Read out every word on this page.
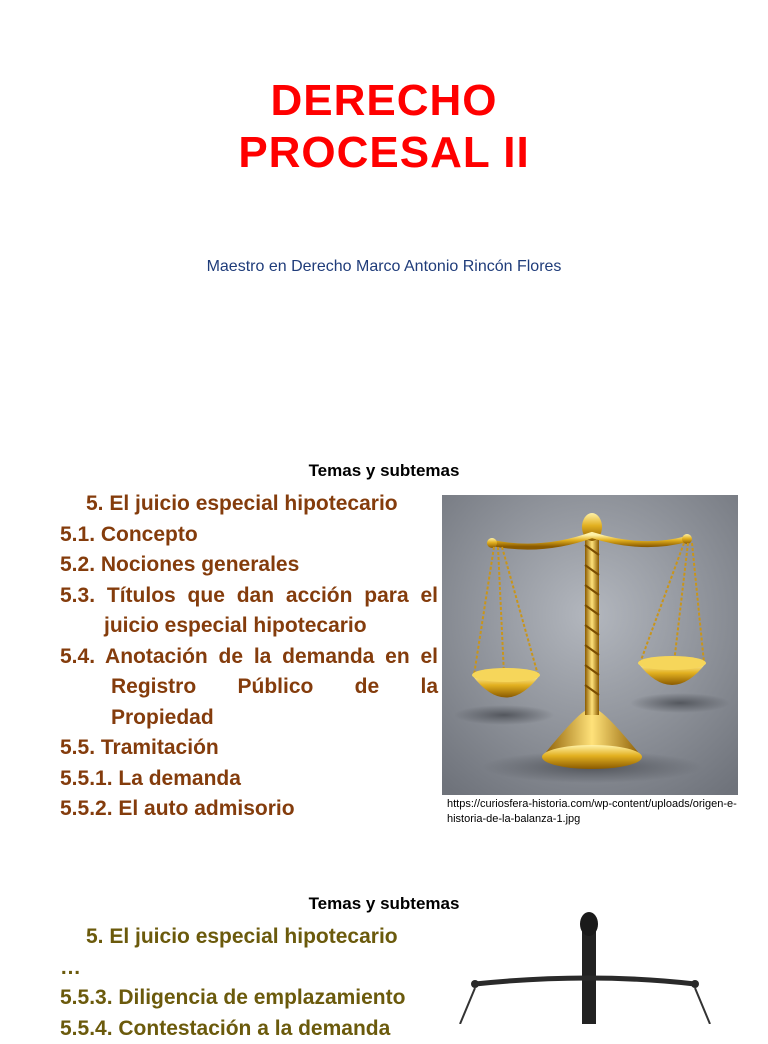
DERECHO
PROCESAL II
Maestro en Derecho Marco Antonio Rincón Flores
Temas y subtemas
5. El juicio especial hipotecario
5.1. Concepto
5.2. Nociones generales
5.3. Títulos que dan acción para el
juicio especial hipotecario
5.4. Anotación de la demanda en el
Registro Público de la
Propiedad
5.5. Tramitación
5.5.1. La demanda
5.5.2. El auto admisorio	https://curiosfera-historia.com/wp-content/uploads/origen-e-historia-de-la-balanza-1.jpg
Temas y subtemas
5. El juicio especial hipotecario
…
5.5.3. Diligencia de emplazamiento
5.5.4. Contestación a la demanda
